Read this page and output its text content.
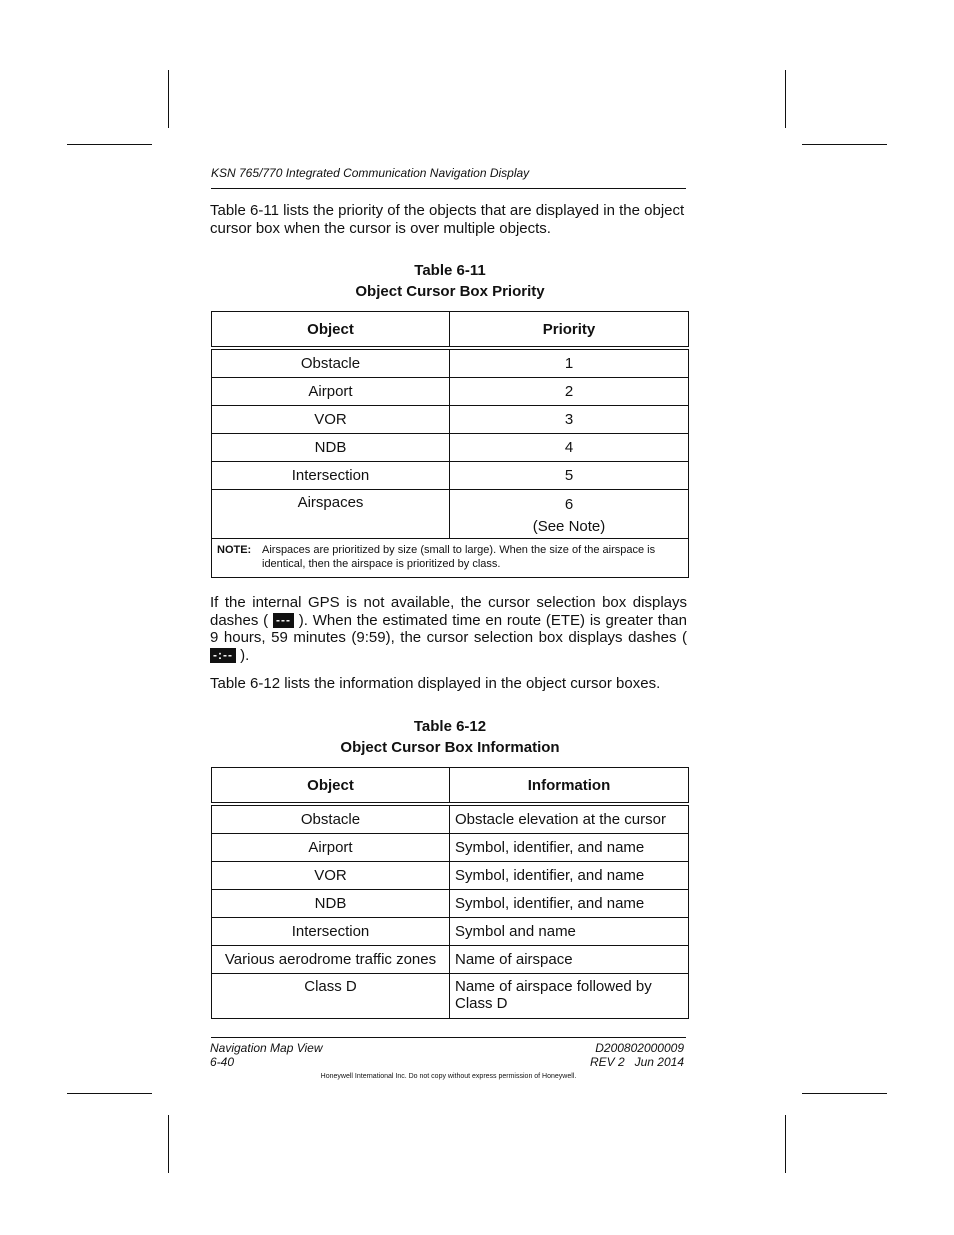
KSN 765/770 Integrated Communication Navigation Display
Table 6‑11 lists the priority of the objects that are displayed in the object cursor box when the cursor is over multiple objects.
Table 6‑11
Object Cursor Box Priority
Object	Priority
Obstacle	1
Airport	2
VOR	3
NDB	4
Intersection	5
Airspaces	6
(See Note)

NOTE: Airspaces are prioritized by size (small to large). When the size of the airspace is identical, then the airspace is prioritized by class.	
If the internal GPS is not available, the cursor selection box displays dashes ( --- ). When the estimated time en route (ETE) is greater than 9 hours, 59 minutes (9:59), the cursor selection box displays dashes ( -:-- ).
Table 6‑12 lists the information displayed in the object cursor boxes.
Table 6‑12
Object Cursor Box Information
Object	Information
Obstacle	Obstacle elevation at the cursor
Airport	Symbol, identifier, and name
VOR	Symbol, identifier, and name
NDB	Symbol, identifier, and name
Intersection	Symbol and name
Various aerodrome traffic zones	Name of airspace
Class D	Name of airspace followed by Class D
Navigation Map View
6-40
D200802000009
REV 2   Jun 2014
Honeywell International Inc. Do not copy without express permission of Honeywell.
